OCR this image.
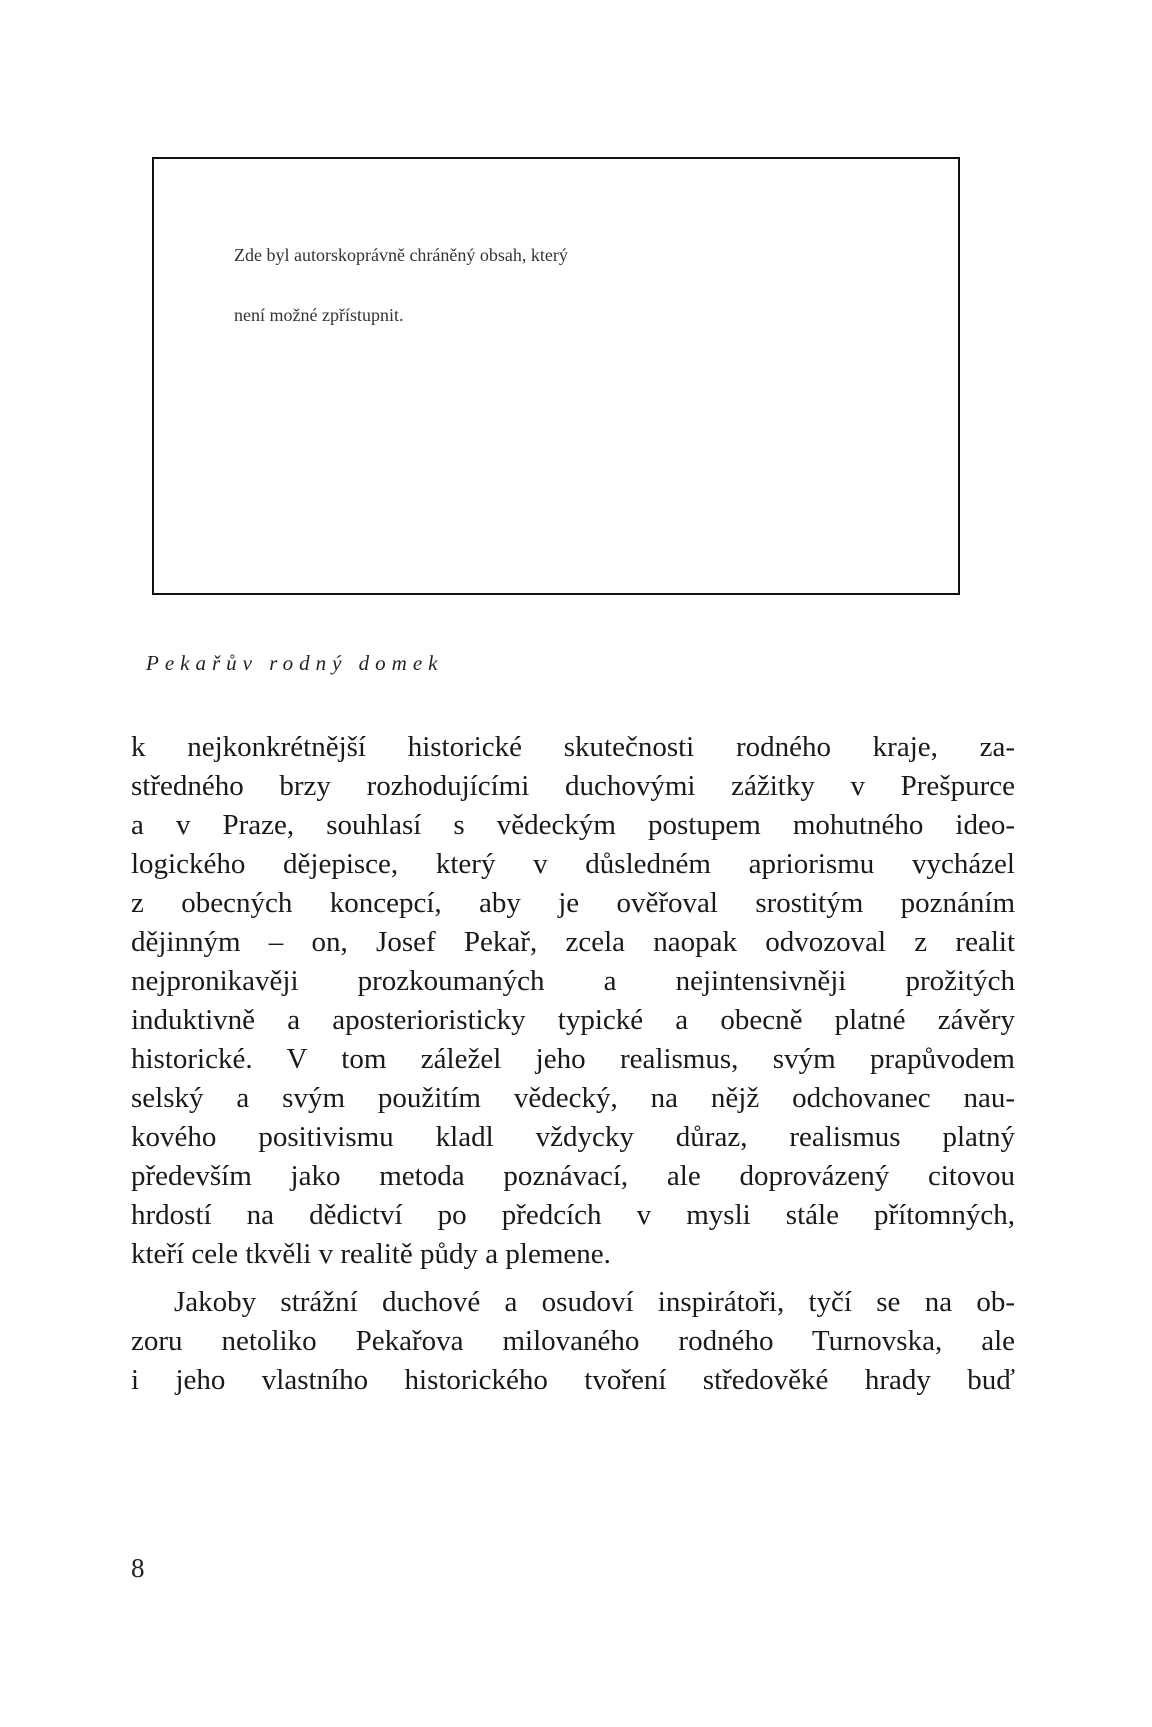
Zde byl autorskoprávně chráněný obsah, který
není možné zpřístupnit.
Pekařův rodný domek
k nejkonkrétnější historické skutečnosti rodného kraje, za-
středného brzy rozhodujícími duchovými zážitky v Prešpurce
a v Praze, souhlasí s vědeckým postupem mohutného ideo-
logického dějepisce, který v důsledném apriorismu vycházel
z obecných koncepcí, aby je ověřoval srostitým poznáním
dějinným – on, Josef Pekař, zcela naopak odvozoval z realit
nejpronikavěji prozkoumaných a nejintensivněji prožitých
induktivně a aposterioristicky typické a obecně platné závěry
historické. V tom záležel jeho realismus, svým prapůvodem
selský a svým použitím vědecký, na nějž odchovanec nau-
kového positivismu kladl vždycky důraz, realismus platný
především jako metoda poznávací, ale doprovázený citovou
hrdostí na dědictví po předcích v mysli stále přítomných,
kteří cele tkvěli v realitě půdy a plemene.
Jakoby strážní duchové a osudoví inspirátoři, tyčí se na ob-
zoru netoliko Pekařova milovaného rodného Turnovska, ale
i jeho vlastního historického tvoření středověké hrady buď
8
